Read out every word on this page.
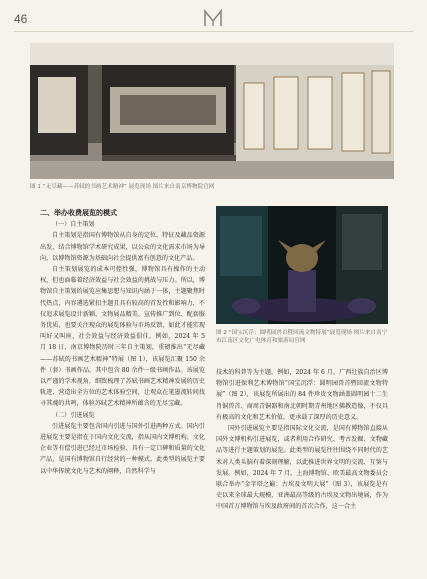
46
图 1 “无尽藏——苏轼的书画艺术精神” 展览现场 图片来自南京博物院官网

二、举办收费展览的模式

（一）自主策划

自主策划是指国有博物馆从自身的定位、特征及藏品资源出发，结合博物馆学术研究成果，以公众的文化需求市场为导向，以博物馆资源为基础向社会提供富有创意的文化产品。

自主策划展览的成本可控性强，博物馆具有操作的主动权，但也面临着经济效益与社会效益的挑战与压力。所以，博物馆自主策划的展览应集思想与知识内涵于一体，主题聚焦时代热点，内容遴选紧扣主题且具有较高的首发性和影响力，不仅追求展览设计新颖、文物展品精美、宣传推广到位、配套服务优质，也要关注现众的展览体验与市场反馈，如此才能实现叫好又叫座，社会效益与经济效益俱佳。例如，2024 年 5 月 18 日，南京博物院历时三年自主策划，重磅推出“无尽藏——苏轼的书画艺术精神”特展（图 1），该展览汇聚 150 余件（套）书画作品，其中包含 80 余件一级书画作品。该展览以严谨的学术视角，细致梳理了苏轼书画艺术精神发展的历史轨迹，营造出全方位的艺术体验空间，让观众在笔墨流转间找寻其魂的共鸣，体验苏轼艺术精神所蕴含的无尽宝藏。

（二）引进展览

引进展览主要包含国内引进与国外引进两种方式。国内引进展览主要是指在于国内文化交流，指从国内文博机构、文化企业等有偿引进已经过市场检验、具有一定口碑和质量的文化产品，是国有博物馆自行经营的一种模式。此类型的展览主要以中华传统文化与艺术的阐释，自然科学与

图 2 “国宝沉浮：圆明园兽首暨回流文物特展”展览现场 图片来自南宁市江南区文化广电体育和旅游局官网

技术的科普等为主题。例如，2024 年 6 月，广西壮族自治区博物馆引进保利艺术博物馆“国宝沉浮：圆明园兽首暨回流文物特展”（图 2），该展览所展出的 84 件珍贵文物涵盖圆明园十二生肖铜兽首、商周青铜器和南北朝时期青州地区佛教造像，不仅具有极高的文化和艺术价值，更承载了深厚的历史意义。

国外引进展览主要是指国际文化交流，是国有博物馆直接从国外文博机构引进展览，或者利用合作研究、考古发掘、文物藏品等进行主题策划的展览。此类型的展览往往围绕不同时代的艺术对人类头脑有着深刻理解，以此推进世界文明的交流、互鉴与发展。例如，2024 年 7 月，上海博物馆、欧美最高文物委员会联合举办“金字塔之巅：古埃及文明大展”（图 3），该展览是有史以来全球最大规模、亚洲最高等级的古埃及文物出境展，作为中国首万博物馆与埃及政府间的首次合作，这一合主
